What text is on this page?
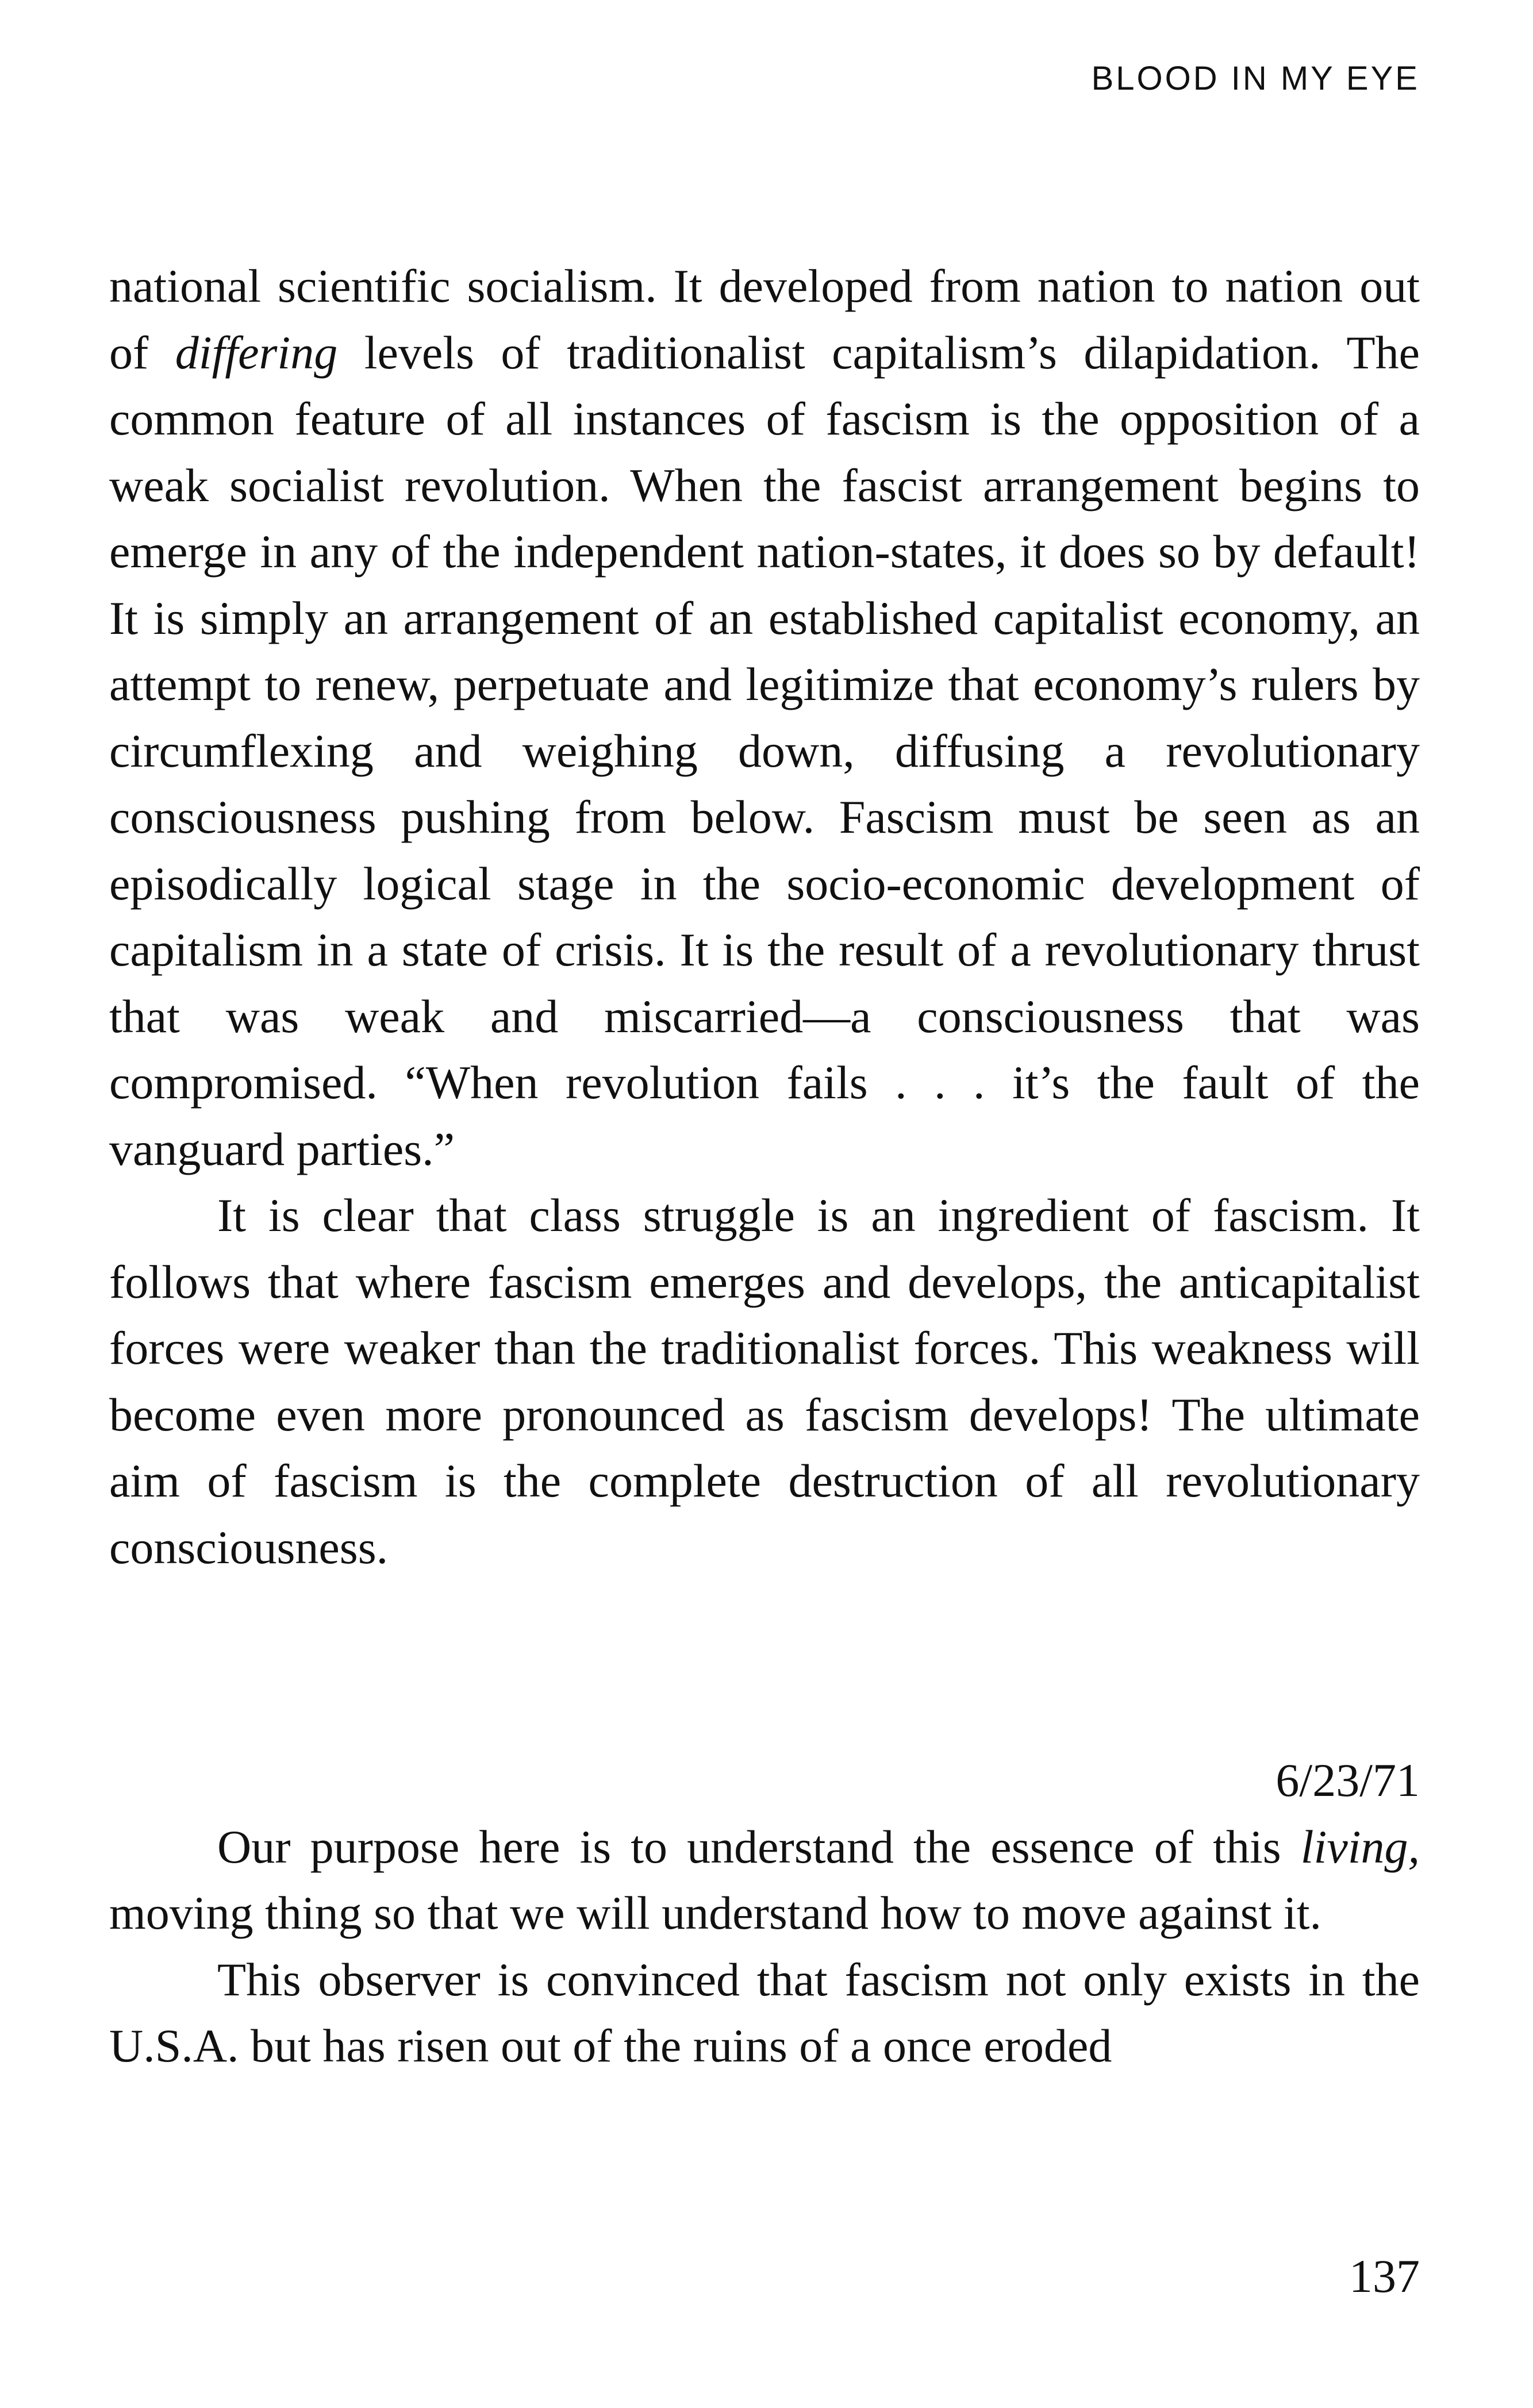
BLOOD IN MY EYE

national scientific socialism. It developed from nation to nation out of differing levels of traditionalist capitalism’s dilapidation. The common feature of all instances of fascism is the opposition of a weak socialist revolution. When the fascist arrangement begins to emerge in any of the independent nation-states, it does so by default! It is simply an arrangement of an established capitalist economy, an attempt to renew, perpetuate and legitimize that economy’s rulers by circumflexing and weighing down, diffusing a revolutionary consciousness pushing from below. Fascism must be seen as an episodically logical stage in the socio-economic development of capitalism in a state of crisis. It is the result of a revolutionary thrust that was weak and miscarried—a consciousness that was compromised. “When revolution fails . . . it’s the fault of the vanguard parties.”

It is clear that class struggle is an ingredient of fascism. It follows that where fascism emerges and develops, the anticapitalist forces were weaker than the traditionalist forces. This weakness will become even more pronounced as fascism develops! The ultimate aim of fascism is the complete destruction of all revolutionary consciousness.

6/23/71

Our purpose here is to understand the essence of this living, moving thing so that we will understand how to move against it.

This observer is convinced that fascism not only exists in the U.S.A. but has risen out of the ruins of a once eroded

137
